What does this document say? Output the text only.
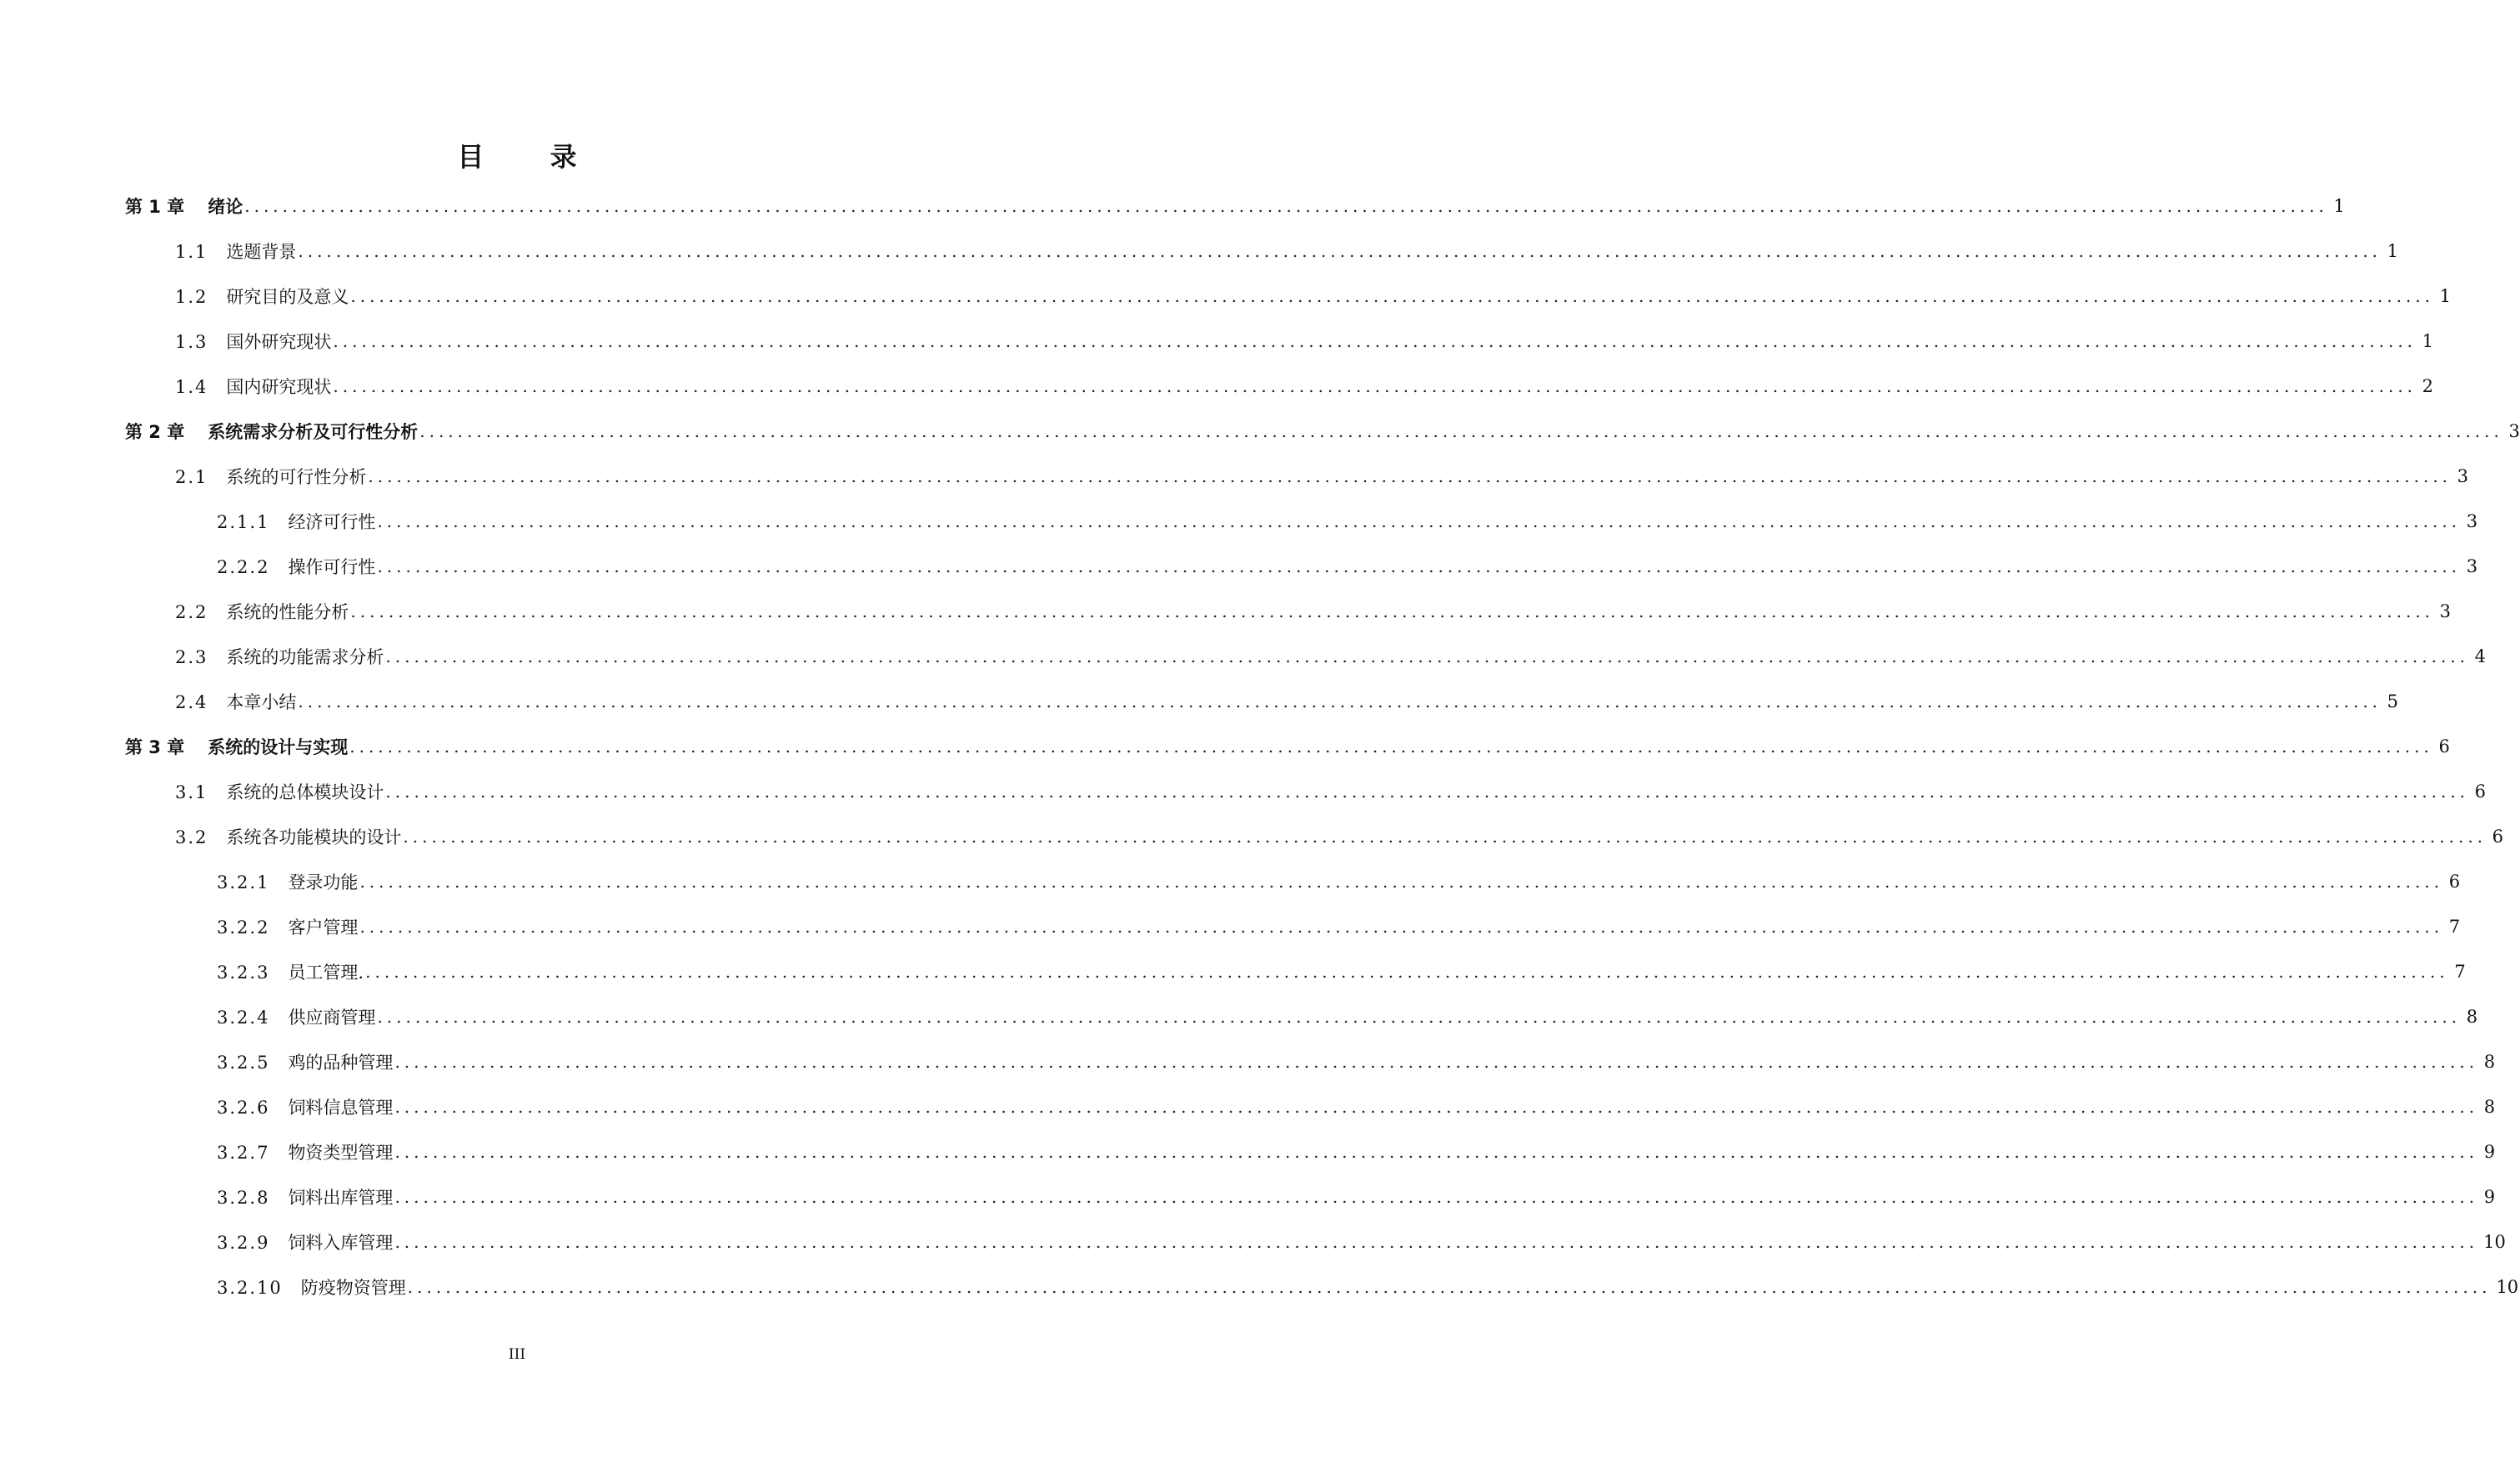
目 录
第 1 章 绪论 ............................................................................................................................................................................................................................ 1
1.1 选题背景 ............................................................................................................................................................................................................................ 1
1.2 研究目的及意义 ............................................................................................................................................................................................................................ 1
1.3 国外研究现状 ............................................................................................................................................................................................................................ 1
1.4 国内研究现状 ............................................................................................................................................................................................................................ 2
第 2 章 系统需求分析及可行性分析 ............................................................................................................................................................................................................................ 3
2.1 系统的可行性分析 ............................................................................................................................................................................................................................ 3
2.1.1 经济可行性 ............................................................................................................................................................................................................................ 3
2.2.2 操作可行性 ............................................................................................................................................................................................................................ 3
2.2 系统的性能分析 ............................................................................................................................................................................................................................ 3
2.3 系统的功能需求分析 ............................................................................................................................................................................................................................ 4
2.4 本章小结 ............................................................................................................................................................................................................................ 5
第 3 章 系统的设计与实现 ............................................................................................................................................................................................................................ 6
3.1 系统的总体模块设计 ............................................................................................................................................................................................................................ 6
3.2 系统各功能模块的设计 ............................................................................................................................................................................................................................ 6
3.2.1 登录功能 ............................................................................................................................................................................................................................ 6
3.2.2 客户管理 ............................................................................................................................................................................................................................ 7
3.2.3 员工管理. ............................................................................................................................................................................................................................ 7
3.2.4 供应商管理 ............................................................................................................................................................................................................................ 8
3.2.5 鸡的品种管理 ............................................................................................................................................................................................................................ 8
3.2.6 饲料信息管理 ............................................................................................................................................................................................................................ 8
3.2.7 物资类型管理 ............................................................................................................................................................................................................................ 9
3.2.8 饲料出库管理 ............................................................................................................................................................................................................................ 9
3.2.9 饲料入库管理 ............................................................................................................................................................................................................................ 10
3.2.10 防疫物资管理 ............................................................................................................................................................................................................................ 10
III
